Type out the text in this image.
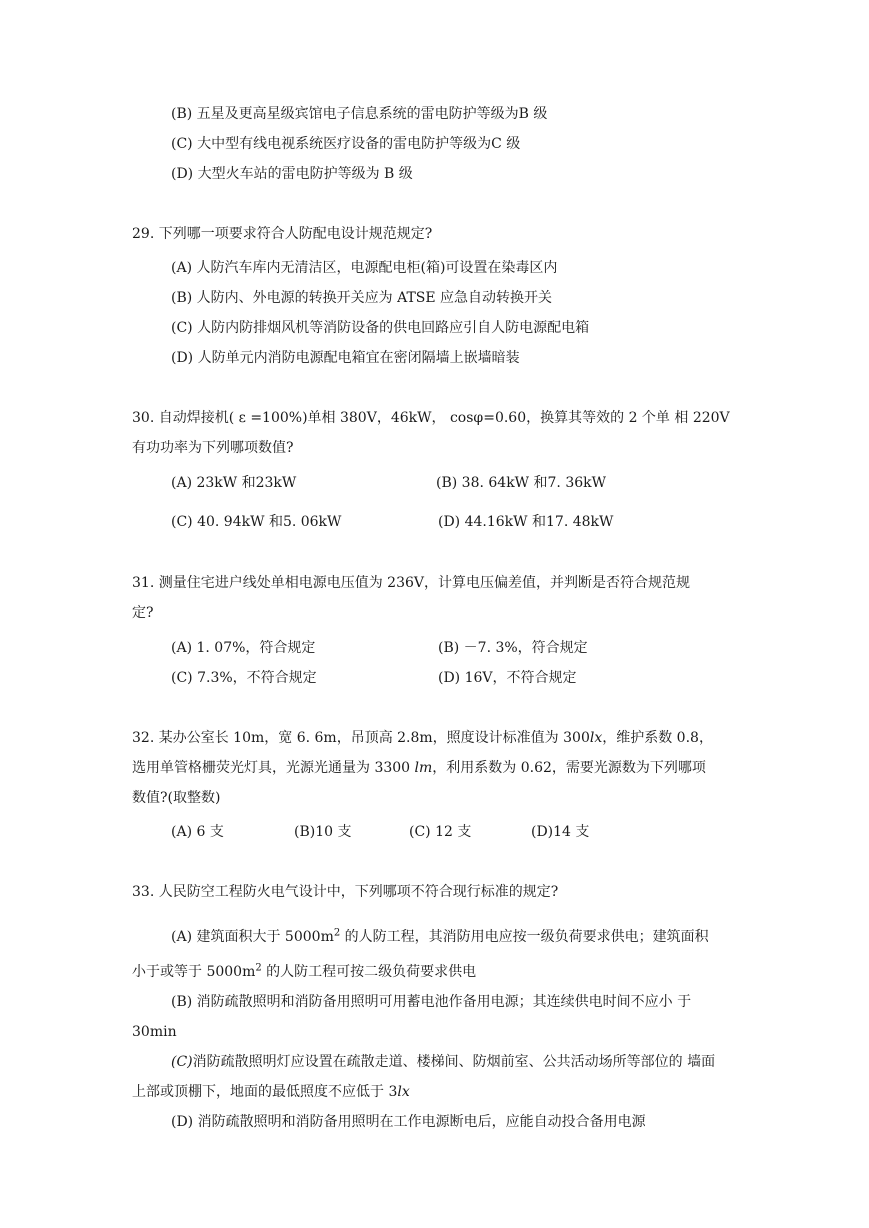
(B) 五星及更高星级宾馆电子信息系统的雷电防护等级为B 级
(C) 大中型有线电视系统医疗设备的雷电防护等级为C 级
(D) 大型火车站的雷电防护等级为 B 级
29. 下列哪一项要求符合人防配电设计规范规定?
(A) 人防汽车库内无清洁区，电源配电柜(箱)可设置在染毒区内
(B) 人防内、外电源的转换开关应为 ATSE 应急自动转换开关
(C) 人防内防排烟风机等消防设备的供电回路应引自人防电源配电箱
(D) 人防单元内消防电源配电箱宜在密闭隔墙上嵌墙暗装
30. 自动焊接机( ε =100%)单相 380V，46kW， cosφ=0.60，换算其等效的 2 个单 相 220V
有功功率为下列哪项数值?
(A) 23kW 和23kW	(B) 38. 64kW 和7. 36kW
(C) 40. 94kW 和5. 06kW	(D) 44.16kW 和17. 48kW
31. 测量住宅进户线处单相电源电压值为 236V，计算电压偏差值，并判断是否符合规范规
定?
(A) 1. 07%，符合规定	(B) －7. 3%，符合规定
(C) 7.3%，不符合规定	(D) 16V，不符合规定
32. 某办公室长 10m，宽 6. 6m，吊顶高 2.8m，照度设计标准值为 300lx，维护系数 0.8，
选用单管格栅荧光灯具，光源光通量为 3300 lm，利用系数为 0.62，需要光源数为下列哪项
数值?(取整数)
(A) 6 支	(B)10 支	(C) 12 支	(D)14 支
33. 人民防空工程防火电气设计中，下列哪项不符合现行标准的规定?
(A) 建筑面积大于 $5000m^2$ 的人防工程，其消防用电应按一级负荷要求供电；建筑面积
小于或等于 $5000m^2$ 的人防工程可按二级负荷要求供电
(B) 消防疏散照明和消防备用照明可用蓄电池作备用电源；其连续供电时间不应小 于
30min
(C)消防疏散照明灯应设置在疏散走道、楼梯间、防烟前室、公共活动场所等部位的 墙面
上部或顶棚下，地面的最低照度不应低于 3lx
(D) 消防疏散照明和消防备用照明在工作电源断电后，应能自动投合备用电源
